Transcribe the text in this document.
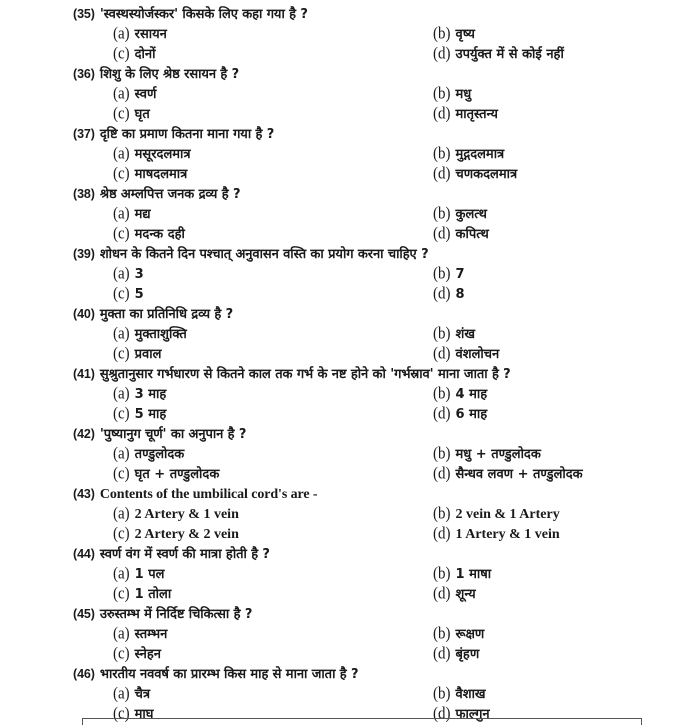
(35) 'स्वस्थस्योर्जस्कर' किसके लिए कहा गया है ?
(a) रसायन	(b) वृष्य
(c) दोनों	(d) उपर्युक्त में से कोई नहीं
(36) शिशु के लिए श्रेष्ठ रसायन है ?
(a) स्वर्ण	(b) मधु
(c) घृत	(d) मातृस्तन्य
(37) दृष्टि का प्रमाण कितना माना गया है ?
(a) मसूरदलमात्र	(b) मुद्गदलमात्र
(c) माषदलमात्र	(d) चणकदलमात्र
(38) श्रेष्ठ अम्लपित्त जनक द्रव्य है ?
(a) मद्य	(b) कुलत्थ
(c) मदन्क दही	(d) कपित्थ
(39) शोधन के कितने दिन पश्चात् अनुवासन वस्ति का प्रयोग करना चाहिए ?
(a) 3	(b) 7
(c) 5	(d) 8
(40) मुक्ता का प्रतिनिधि द्रव्य है ?
(a) मुक्ताशुक्ति	(b) शंख
(c) प्रवाल	(d) वंशलोचन
(41) सुश्रुतानुसार गर्भधारण से कितने काल तक गर्भ के नष्ट होने को 'गर्भस्राव' माना जाता है ?
(a) 3 माह	(b) 4 माह
(c) 5 माह	(d) 6 माह
(42) 'पुष्यानुग चूर्ण' का अनुपान है ?
(a) तण्डुलोदक	(b) मधु + तण्डुलोदक
(c) घृत + तण्डुलोदक	(d) सैन्धव लवण + तण्डुलोदक
(43) Contents of the umbilical cord's are -
(a) 2 Artery & 1 vein	(b) 2 vein & 1 Artery
(c) 2 Artery & 2 vein	(d) 1 Artery & 1 vein
(44) स्वर्ण वंग में स्वर्ण की मात्रा होती है ?
(a) 1 पल	(b) 1 माषा
(c) 1 तोला	(d) शून्य
(45) उरुस्तम्भ में निर्दिष्ट चिकित्सा है ?
(a) स्तम्भन	(b) रूक्षण
(c) स्नेहन	(d) बृंहण
(46) भारतीय नववर्ष का प्रारम्भ किस माह से माना जाता है ?
(a) चैत्र	(b) वैशाख
(c) माघ	(d) फाल्गुन
